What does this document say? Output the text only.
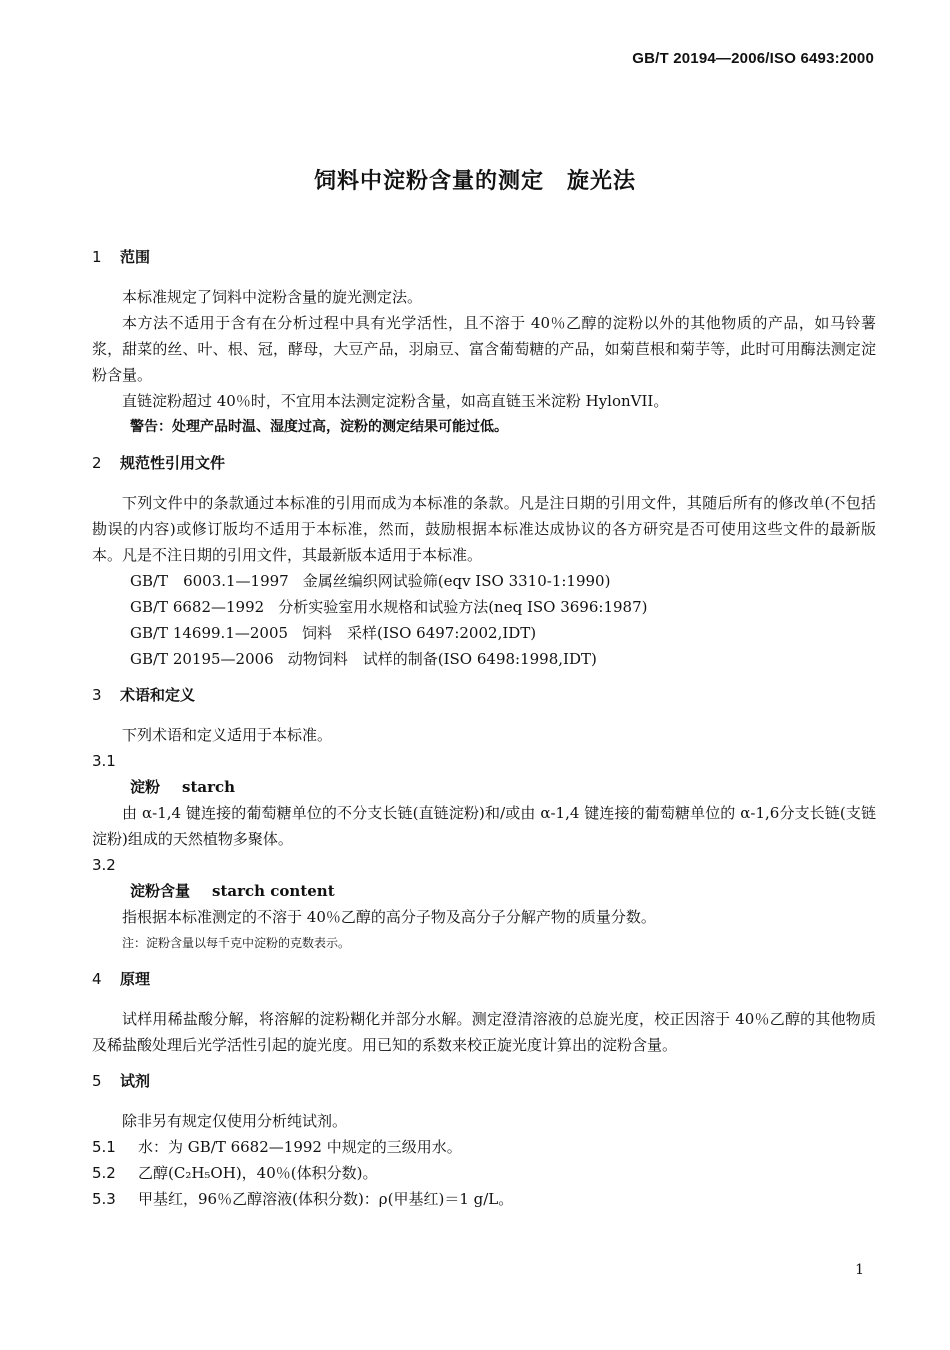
GB/T 20194—2006/ISO 6493:2000
饲料中淀粉含量的测定　旋光法

1 范围

本标准规定了饲料中淀粉含量的旋光测定法。

本方法不适用于含有在分析过程中具有光学活性，且不溶于 40％乙醇的淀粉以外的其他物质的产品，如马铃薯浆，甜菜的丝、叶、根、冠，酵母，大豆产品，羽扇豆、富含葡萄糖的产品，如菊苣根和菊芋等，此时可用酶法测定淀粉含量。

直链淀粉超过 40％时，不宜用本法测定淀粉含量，如高直链玉米淀粉 HylonVII。

警告：处理产品时温、湿度过高，淀粉的测定结果可能过低。

2 规范性引用文件

下列文件中的条款通过本标准的引用而成为本标准的条款。凡是注日期的引用文件，其随后所有的修改单(不包括勘误的内容)或修订版均不适用于本标准，然而，鼓励根据本标准达成协议的各方研究是否可使用这些文件的最新版本。凡是不注日期的引用文件，其最新版本适用于本标准。

GB/T　6003.1—1997 金属丝编织网试验筛(eqv ISO 3310-1:1990)

GB/T 6682—1992 分析实验室用水规格和试验方法(neq ISO 3696:1987)

GB/T 14699.1—2005 饲料　采样(ISO 6497:2002,IDT)

GB/T 20195—2006 动物饲料　试样的制备(ISO 6498:1998,IDT)

3 术语和定义

下列术语和定义适用于本标准。

3.1

淀粉 starch

由 α-1,4 键连接的葡萄糖单位的不分支长链(直链淀粉)和/或由 α-1,4 键连接的葡萄糖单位的 α-1,6分支长链(支链淀粉)组成的天然植物多聚体。

3.2

淀粉含量 starch content

指根据本标准测定的不溶于 40％乙醇的高分子物及高分子分解产物的质量分数。

注：淀粉含量以每千克中淀粉的克数表示。

4 原理

试样用稀盐酸分解，将溶解的淀粉糊化并部分水解。测定澄清溶液的总旋光度，校正因溶于 40％乙醇的其他物质及稀盐酸处理后光学活性引起的旋光度。用已知的系数来校正旋光度计算出的淀粉含量。

5 试剂

除非另有规定仅使用分析纯试剂。

5.1 水：为 GB/T 6682—1992 中规定的三级用水。

5.2 乙醇(C₂H₅OH)，40％(体积分数)。

5.3 甲基红，96％乙醇溶液(体积分数)：ρ(甲基红)＝1 g/L。

1
